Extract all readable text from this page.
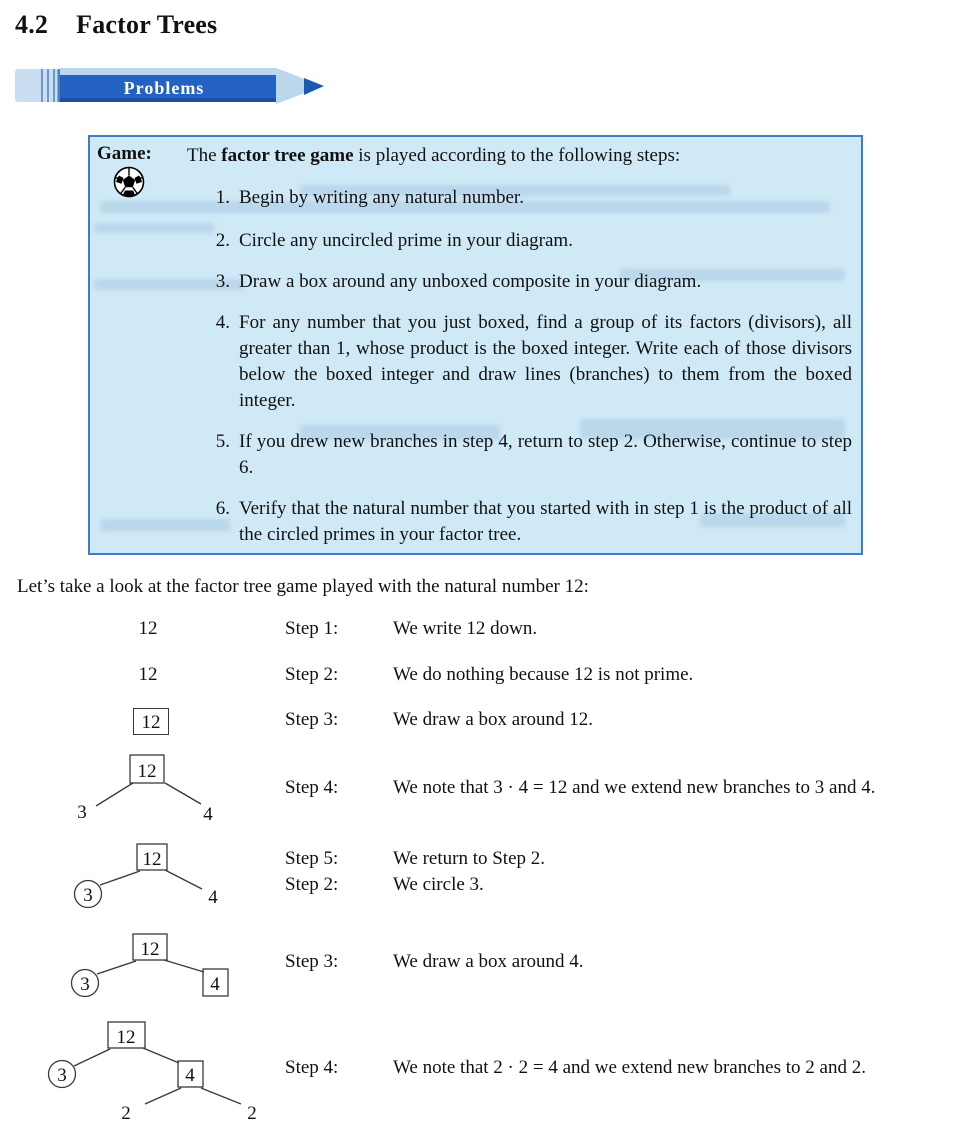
4.2 Factor Trees
Problems
Game: The factor tree game is played according to the following steps:
1. Begin by writing any natural number.
2. Circle any uncircled prime in your diagram.
3. Draw a box around any unboxed composite in your diagram.
4. For any number that you just boxed, find a group of its factors (divisors), all greater than 1, whose product is the boxed integer. Write each of those divisors below the boxed integer and draw lines (branches) to them from the boxed integer.
5. If you drew new branches in step 4, return to step 2. Otherwise, continue to step 6.
6. Verify that the natural number that you started with in step 1 is the product of all the circled primes in your factor tree.

Let’s take a look at the factor tree game played with the natural number 12:

Step 1:	We write 12 down.
Step 2:	We do nothing because 12 is not prime.
Step 3:	We draw a box around 12.
Step 4:	We note that 3 · 4 = 12 and we extend new branches to 3 and 4.
Step 5:	We return to Step 2.
Step 2:	We circle 3.
Step 3:	We draw a box around 4.
Step 4:	We note that 2 · 2 = 4 and we extend new branches to 2 and 2.
12
12
12
12
3	4
12
3	4
12
3	4
12
3	4
2	2
